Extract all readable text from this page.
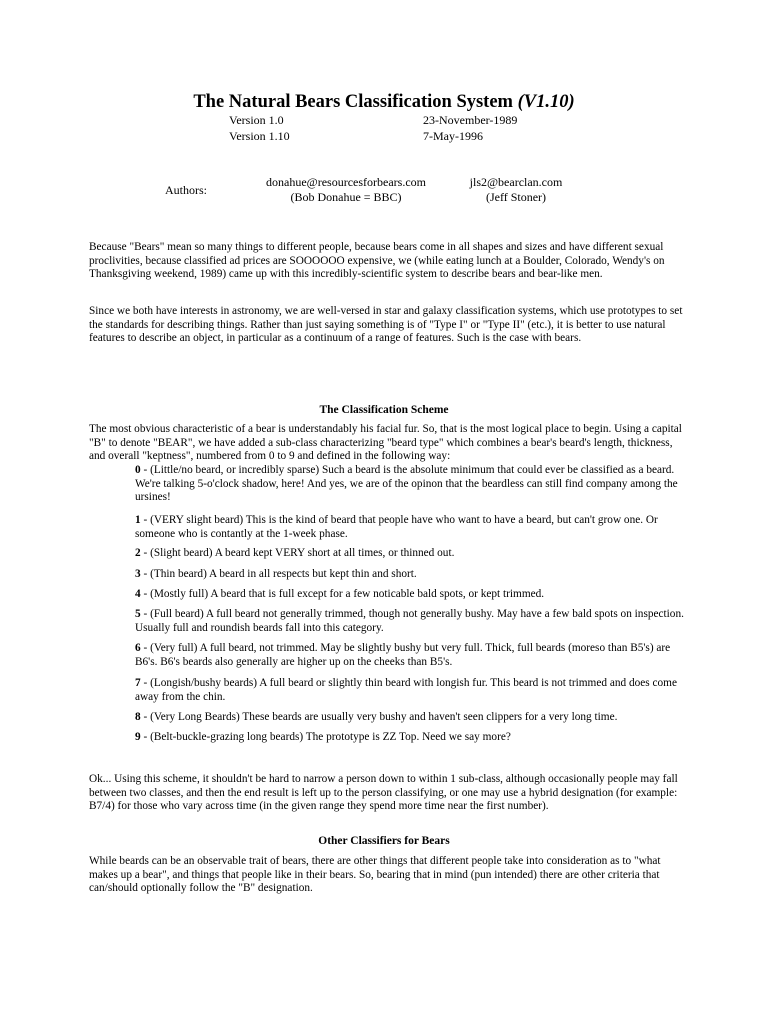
The Natural Bears Classification System (V1.10)
Version 1.0	23-November-1989
Version 1.10	7-May-1996
Authors:
donahue@resourcesforbears.com
(Bob Donahue = BBC)
jls2@bearclan.com
(Jeff Stoner)

Because "Bears" mean so many things to different people, because bears come in all shapes and sizes and have different sexual proclivities, because classified ad prices are SOOOOOO expensive, we (while eating lunch at a Boulder, Colorado, Wendy's on Thanksgiving weekend, 1989) came up with this incredibly-scientific system to describe bears and bear-like men.

Since we both have interests in astronomy, we are well-versed in star and galaxy classification systems, which use prototypes to set the standards for describing things. Rather than just saying something is of "Type I" or "Type II" (etc.), it is better to use natural features to describe an object, in particular as a continuum of a range of features. Such is the case with bears.

The Classification Scheme

The most obvious characteristic of a bear is understandably his facial fur. So, that is the most logical place to begin. Using a capital "B" to denote "BEAR", we have added a sub-class characterizing "beard type" which combines a bear's beard's length, thickness, and overall "keptness", numbered from 0 to 9 and defined in the following way:

0 - (Little/no beard, or incredibly sparse) Such a beard is the absolute minimum that could ever be classified as a beard. We're talking 5-o'clock shadow, here! And yes, we are of the opinon that the beardless can still find company among the ursines!
1 - (VERY slight beard) This is the kind of beard that people have who want to have a beard, but can't grow one. Or someone who is contantly at the 1-week phase.
2 - (Slight beard) A beard kept VERY short at all times, or thinned out.
3 - (Thin beard) A beard in all respects but kept thin and short.
4 - (Mostly full) A beard that is full except for a few noticable bald spots, or kept trimmed.
5 - (Full beard) A full beard not generally trimmed, though not generally bushy. May have a few bald spots on inspection. Usually full and roundish beards fall into this category.
6 - (Very full) A full beard, not trimmed. May be slightly bushy but very full. Thick, full beards (moreso than B5's) are B6's. B6's beards also generally are higher up on the cheeks than B5's.
7 - (Longish/bushy beards) A full beard or slightly thin beard with longish fur. This beard is not trimmed and does come away from the chin.
8 - (Very Long Beards) These beards are usually very bushy and haven't seen clippers for a very long time.
9 - (Belt-buckle-grazing long beards) The prototype is ZZ Top. Need we say more?

Ok... Using this scheme, it shouldn't be hard to narrow a person down to within 1 sub-class, although occasionally people may fall between two classes, and then the end result is left up to the person classifying, or one may use a hybrid designation (for example: B7/4) for those who vary across time (in the given range they spend more time near the first number).

Other Classifiers for Bears

While beards can be an observable trait of bears, there are other things that different people take into consideration as to "what makes up a bear", and things that people like in their bears. So, bearing that in mind (pun intended) there are other criteria that can/should optionally follow the "B" designation.
